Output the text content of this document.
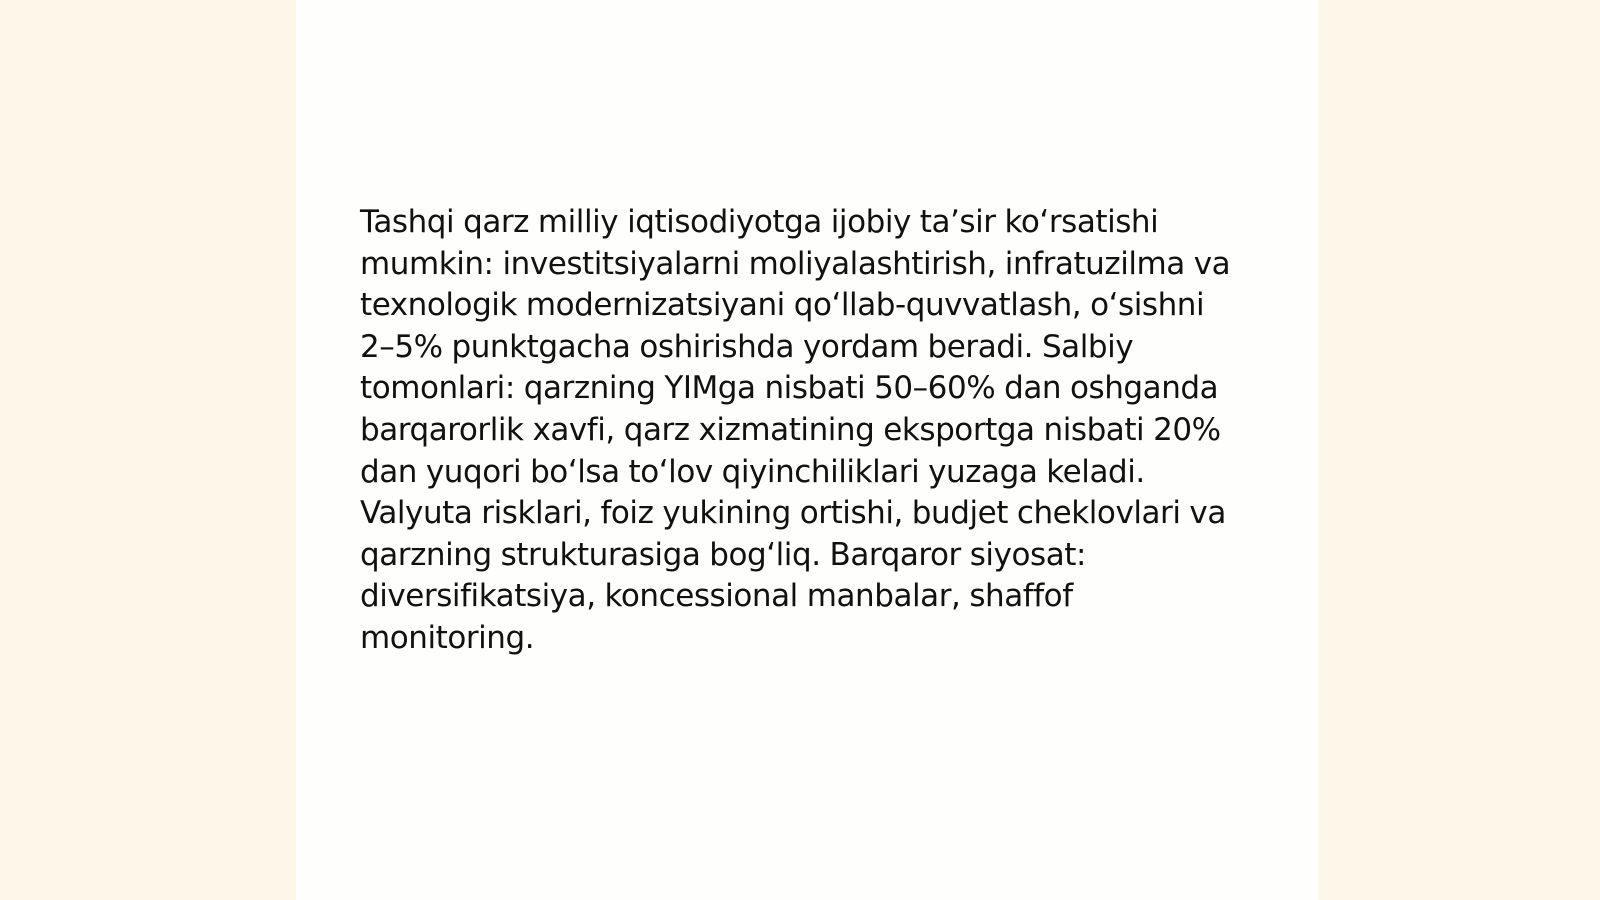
Tashqi qarz milliy iqtisodiyotga ijobiy ta’sir ko‘rsatishi mumkin: investitsiyalarni moliyalashtirish, infratuzilma va texnologik modernizatsiyani qo‘llab-quvvatlash, o‘sishni 2–5% punktgacha oshirishda yordam beradi. Salbiy tomonlari: qarzning YIMga nisbati 50–60% dan oshganda barqarorlik xavfi, qarz xizmatining eksportga nisbati 20% dan yuqori bo‘lsa to‘lov qiyinchiliklari yuzaga keladi. Valyuta risklari, foiz yukining ortishi, budjet cheklovlari va qarzning strukturasiga bog‘liq. Barqaror siyosat: diversifikatsiya, koncessional manbalar, shaffof monitoring.
